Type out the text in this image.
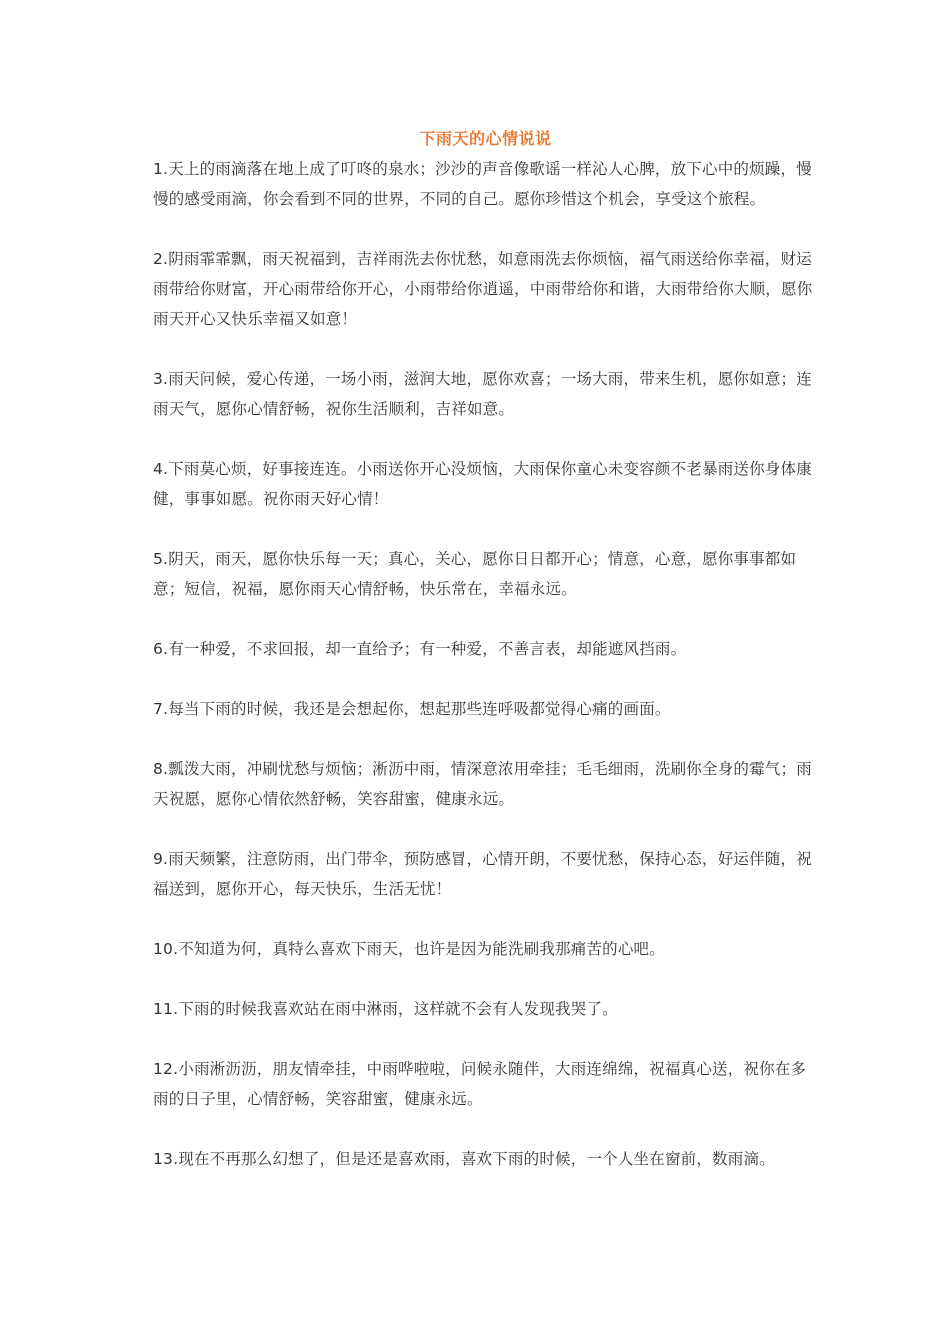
下雨天的心情说说

1.天上的雨滴落在地上成了叮咚的泉水；沙沙的声音像歌谣一样沁人心脾，放下心中的烦躁，慢慢的感受雨滴，你会看到不同的世界，不同的自己。愿你珍惜这个机会，享受这个旅程。

2.阴雨霏霏飘，雨天祝福到，吉祥雨洗去你忧愁，如意雨洗去你烦恼，福气雨送给你幸福，财运雨带给你财富，开心雨带给你开心，小雨带给你逍遥，中雨带给你和谐，大雨带给你大顺，愿你雨天开心又快乐幸福又如意！

3.雨天问候，爱心传递，一场小雨，滋润大地，愿你欢喜；一场大雨，带来生机，愿你如意；连雨天气，愿你心情舒畅，祝你生活顺利，吉祥如意。

4.下雨莫心烦，好事接连连。小雨送你开心没烦恼，大雨保你童心未变容颜不老暴雨送你身体康健，事事如愿。祝你雨天好心情！

5.阴天，雨天，愿你快乐每一天；真心，关心，愿你日日都开心；情意，心意，愿你事事都如意；短信，祝福，愿你雨天心情舒畅，快乐常在，幸福永远。

6.有一种爱，不求回报，却一直给予；有一种爱，不善言表，却能遮风挡雨。

7.每当下雨的时候，我还是会想起你，想起那些连呼吸都觉得心痛的画面。

8.瓢泼大雨，冲刷忧愁与烦恼；淅沥中雨，情深意浓用牵挂；毛毛细雨，洗刷你全身的霉气；雨天祝愿，愿你心情依然舒畅，笑容甜蜜，健康永远。

9.雨天频繁，注意防雨，出门带伞，预防感冒，心情开朗，不要忧愁，保持心态，好运伴随，祝福送到，愿你开心，每天快乐，生活无忧！

10.不知道为何，真特么喜欢下雨天，也许是因为能洗刷我那痛苦的心吧。

11.下雨的时候我喜欢站在雨中淋雨，这样就不会有人发现我哭了。

12.小雨淅沥沥，朋友情牵挂，中雨哗啦啦，问候永随伴，大雨连绵绵，祝福真心送，祝你在多雨的日子里，心情舒畅，笑容甜蜜，健康永远。

13.现在不再那么幻想了，但是还是喜欢雨，喜欢下雨的时候，一个人坐在窗前，数雨滴。
